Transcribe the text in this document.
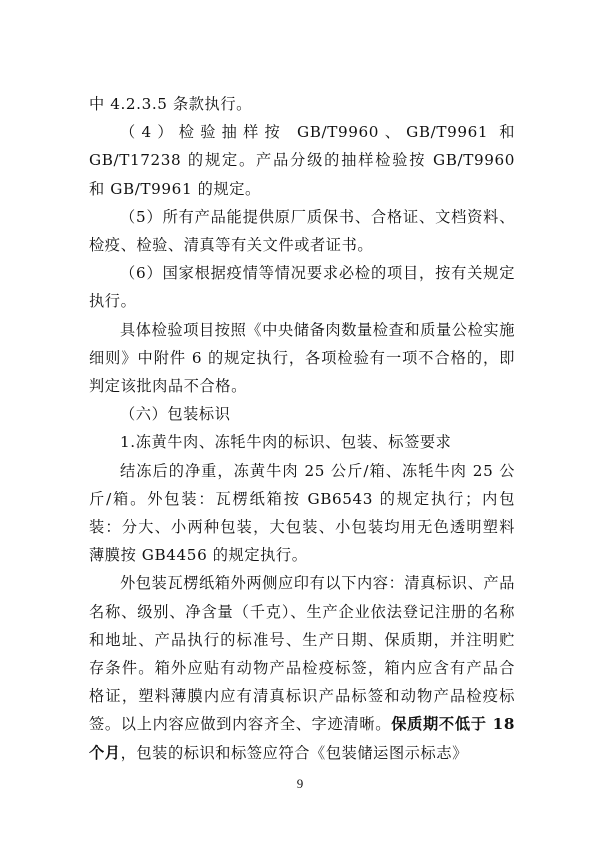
中 4.2.3.5 条款执行。

（4）检验抽样按 GB/T9960、GB/T9961 和 GB/T17238 的规定。产品分级的抽样检验按 GB/T9960 和 GB/T9961 的规定。

（5）所有产品能提供原厂质保书、合格证、文档资料、检疫、检验、清真等有关文件或者证书。

（6）国家根据疫情等情况要求必检的项目，按有关规定执行。

具体检验项目按照《中央储备肉数量检查和质量公检实施细则》中附件 6 的规定执行，各项检验有一项不合格的，即判定该批肉品不合格。

（六）包装标识

1.冻黄牛肉、冻牦牛肉的标识、包装、标签要求

结冻后的净重，冻黄牛肉 25 公斤/箱、冻牦牛肉 25 公斤/箱。外包装：瓦楞纸箱按 GB6543 的规定执行；内包装：分大、小两种包装，大包装、小包装均用无色透明塑料薄膜按 GB4456 的规定执行。

外包装瓦楞纸箱外两侧应印有以下内容：清真标识、产品名称、级别、净含量（千克）、生产企业依法登记注册的名称和地址、产品执行的标准号、生产日期、保质期，并注明贮存条件。箱外应贴有动物产品检疫标签，箱内应含有产品合格证，塑料薄膜内应有清真标识产品标签和动物产品检疫标签。以上内容应做到内容齐全、字迹清晰。保质期不低于 18 个月，包装的标识和标签应符合《包装储运图示标志》

9
